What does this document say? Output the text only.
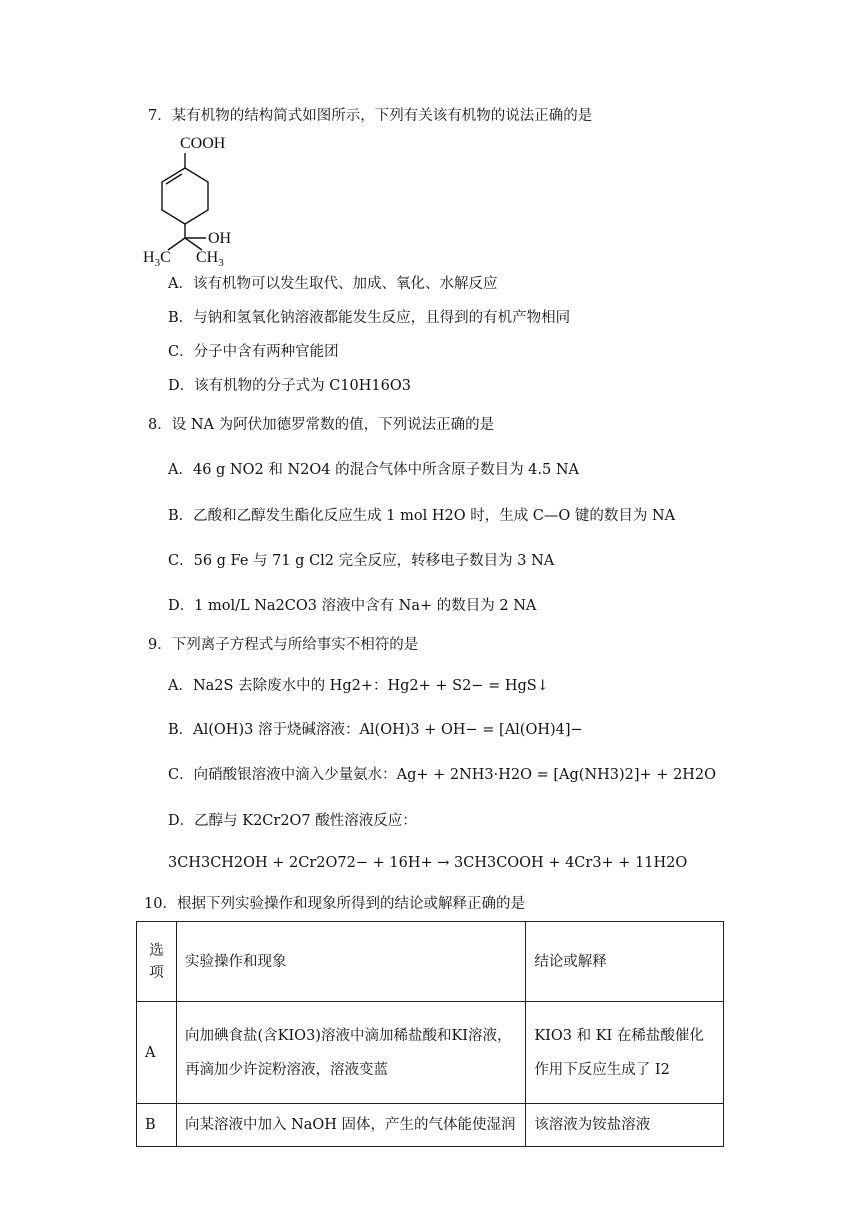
7．某有机物的结构简式如图所示，下列有关该有机物的说法正确的是
COOH
OH
$H_3C$ $CH_3$
A．该有机物可以发生取代、加成、氧化、水解反应
B．与钠和氢氧化钠溶液都能发生反应，且得到的有机产物相同
C．分子中含有两种官能团
D．该有机物的分子式为 C10H16O3
8．设 NA 为阿伏加德罗常数的值，下列说法正确的是
A．46 g NO2 和 N2O4 的混合气体中所含原子数目为 4.5 NA
B．乙酸和乙醇发生酯化反应生成 1 mol H2O 时，生成 C—O 键的数目为 NA
C．56 g Fe 与 71 g Cl2 完全反应，转移电子数目为 3 NA
D．1 mol/L Na2CO3 溶液中含有 Na+ 的数目为 2 NA
9．下列离子方程式与所给事实不相符的是
A．Na2S 去除废水中的 Hg2+：Hg2+ + S2− = HgS↓
B．Al(OH)3 溶于烧碱溶液：Al(OH)3 + OH− = [Al(OH)4]−
C．向硝酸银溶液中滴入少量氨水：Ag+ + 2NH3·H2O = [Ag(NH3)2]+ + 2H2O
D．乙醇与 K2Cr2O7 酸性溶液反应：
3CH3CH2OH + 2Cr2O72− + 16H+ → 3CH3COOH + 4Cr3+ + 11H2O
10．根据下列实验操作和现象所得到的结论或解释正确的是
选项	实验操作和现象	结论或解释
A	向加碘食盐(含KIO3)溶液中滴加稀盐酸和KI溶液，再滴加少许淀粉溶液，溶液变蓝	KIO3 和 KI 在稀盐酸催化作用下反应生成了 I2
B	向某溶液中加入 NaOH 固体，产生的气体能使湿润	该溶液为铵盐溶液
